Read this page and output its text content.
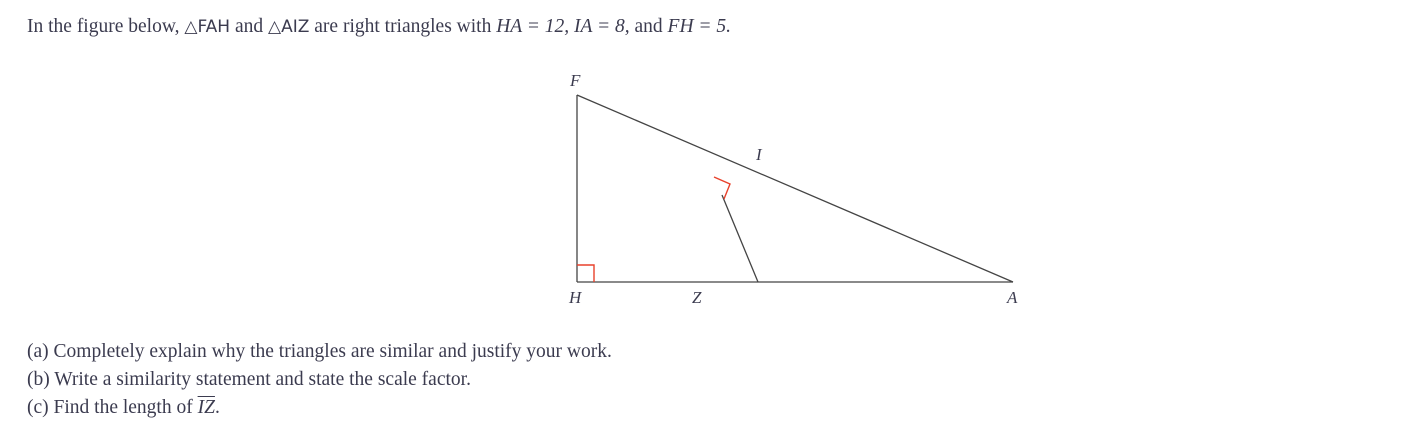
In the figure below, △FAH and △AIZ are right triangles with HA = 12, IA = 8, and FH = 5.
F
I
H	Z	A
(a) Completely explain why the triangles are similar and justify your work.
(b) Write a similarity statement and state the scale factor.
(c) Find the length of $\overline{IZ}$.
